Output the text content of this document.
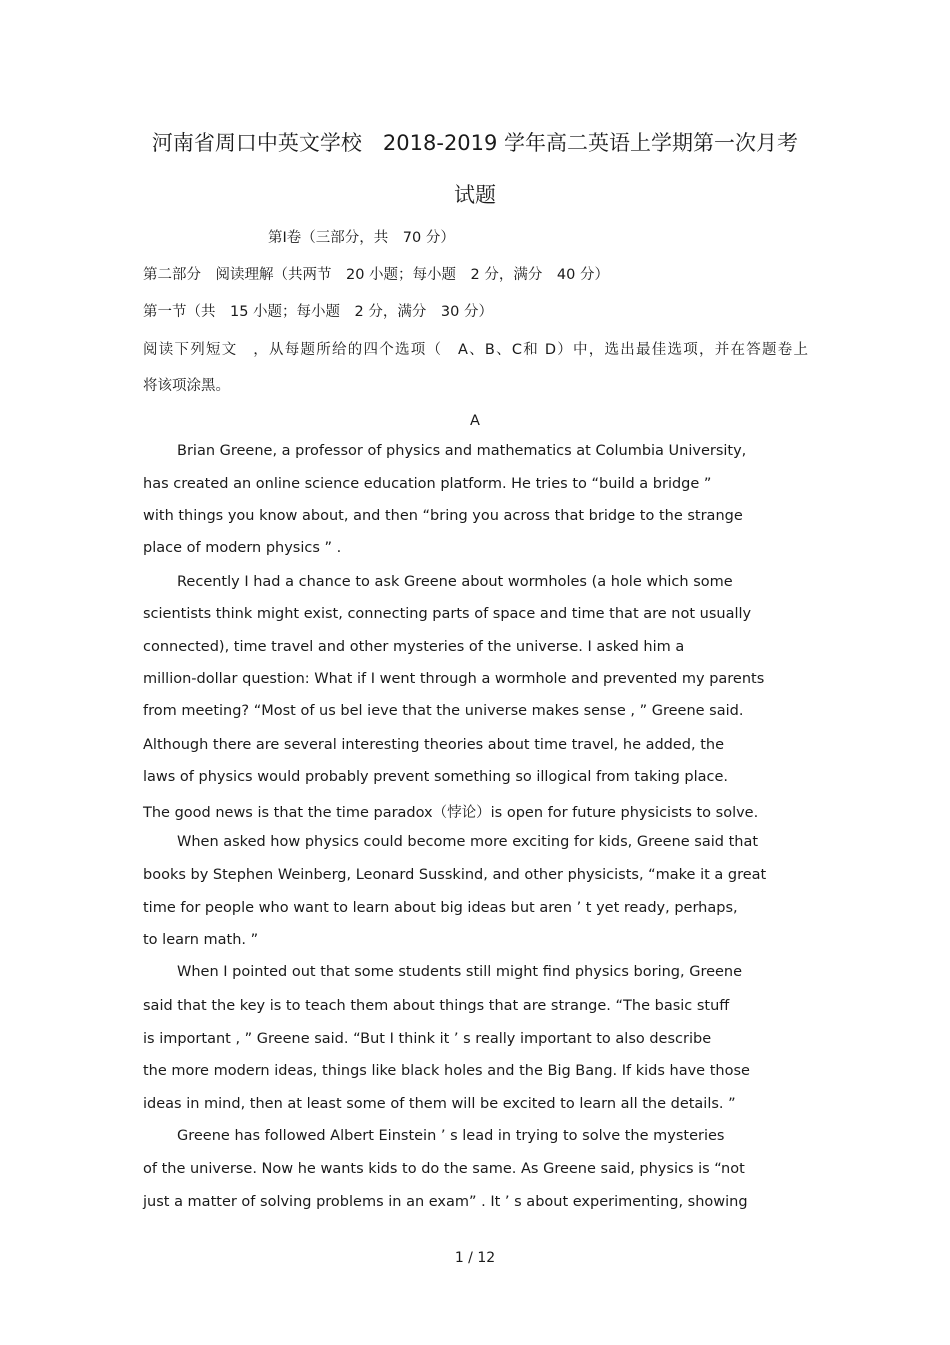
河南省周口中英文学校　2018-2019 学年高二英语上学期第一次月考
试题

第Ⅰ卷（三部分，共　70 分）

第二部分　阅读理解（共两节　20 小题；每小题　2 分，满分　40 分）

第一节（共　15 小题；每小题　2 分，满分　30 分）

阅读下列短文　，从每题所给的四个选项（　A、B、C和 D）中，选出最佳选项，并在答题卷上

将该项涂黑。

A

Brian Greene, a professor of physics and mathematics at Columbia University,

has created an online science education platform. He tries to “build a bridge ”

with things you know about, and then “bring you across that bridge to the strange

place of modern physics ” .

Recently I had a chance to ask Greene about wormholes (a hole which some

scientists think might exist, connecting parts of space and time that are not usually

connected), time travel and other mysteries of the universe. I asked him a

million-dollar question: What if I went through a wormhole and prevented my parents

from meeting? “Most of us bel ieve that the universe makes sense , ” Greene said.

Although there are several interesting theories about time travel, he added, the

laws of physics would probably prevent something so illogical from taking place.

The good news is that the time paradox（悖论）is open for future physicists to solve.

When asked how physics could become more exciting for kids, Greene said that

books by Stephen Weinberg, Leonard Susskind, and other physicists, “make it a great

time for people who want to learn about big ideas but aren ’ t yet ready, perhaps,

to learn math. ”

When I pointed out that some students still might find physics boring, Greene

said that the key is to teach them about things that are strange. “The basic stuff

is important , ” Greene said. “But I think it ’ s really important to also describe

the more modern ideas, things like black holes and the Big Bang. If kids have those

ideas in mind, then at least some of them will be excited to learn all the details. ”

Greene has followed Albert Einstein ’ s lead in trying to solve the mysteries

of the universe. Now he wants kids to do the same. As Greene said, physics is “not

just a matter of solving problems in an exam” . It ’ s about experimenting, showing

1 / 12
